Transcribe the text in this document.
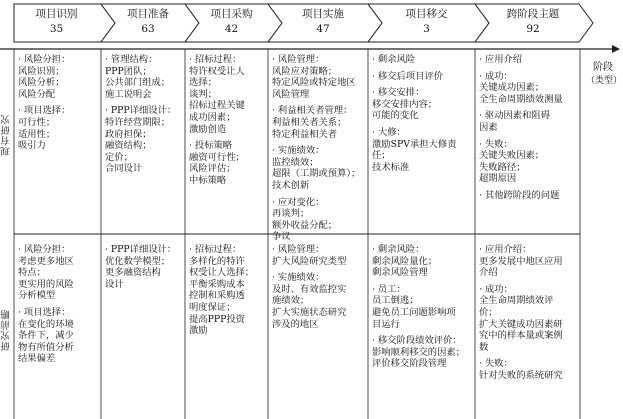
阶段
（类型）
现有研究
研究前瞻
项目识别
35
· 风险分担：
风险识别；
风险分析；
风险分配
· 项目选择：
可行性；
适用性；
吸引力
· 风险分担：
考虑更多地区
特点；
更实用的风险
分析模型
· 项目选择：
在变化的环境
条件下，减少
物有所值分析
结果偏差
项目准备
63
· 管理结构：
PPP团队；
公共部门组成；
施工说明会
· PPP详细设计：
特许经营期限；
政府担保；
融资结构；
定价；
合同设计
· PPP详细设计：
优化数学模型；
更多融资结构
设计
项目采购
42
· 招标过程：
特许权受让人
选择；
谈判；
招标过程关键
成功因素；
激励创造
· 投标策略
融资可行性；
风险评估；
中标策略
· 招标过程：
多样化的特许
权受让人选择；
平衡采购成本
控制和采购透
明度保证；
提高PPP投资
激励
项目实施
47
· 风险管理：
风险应对策略；
特定风险或特定地区
风险管理
· 利益相关者管理：
利益相关者关系；
特定利益相关者
· 实施绩效：
监控绩效；
超限（工期或预算）；
技术创新
· 应对变化：
再谈判；
额外收益分配；
争议
· 风险管理：
扩大风险研究类型
· 实施绩效：
及时、有效监控实
施绩效；
扩大实施状态研究
涉及的地区
项目移交
3
· 剩余风险
· 移交后项目评价
· 移交安排：
移交安排内容；
可能的变化
· 大修：
激励SPV承担大修责
任；
技术标准
· 剩余风险：
剩余风险量化；
剩余风险管理
· 员工：
员工倒逃；
避免员工问题影响项
目运行
· 移交阶段绩效评价：
影响顺利移交的因素；
评价移交阶段管理
跨阶段主题
92
· 应用介绍
· 成功：
关键成功因素；
全生命周期绩效测量
· 驱动因素和阻碍
因素
· 失败：
关键失败因素；
失败路径；
超期原因
· 其他跨阶段的问题
· 应用介绍：
更多发展中地区应用
介绍
· 成功：
全生命周期绩效评
价；
扩大关键成功因素研
究中的样本量或案例
数
· 失败：
针对失败的系统研究
